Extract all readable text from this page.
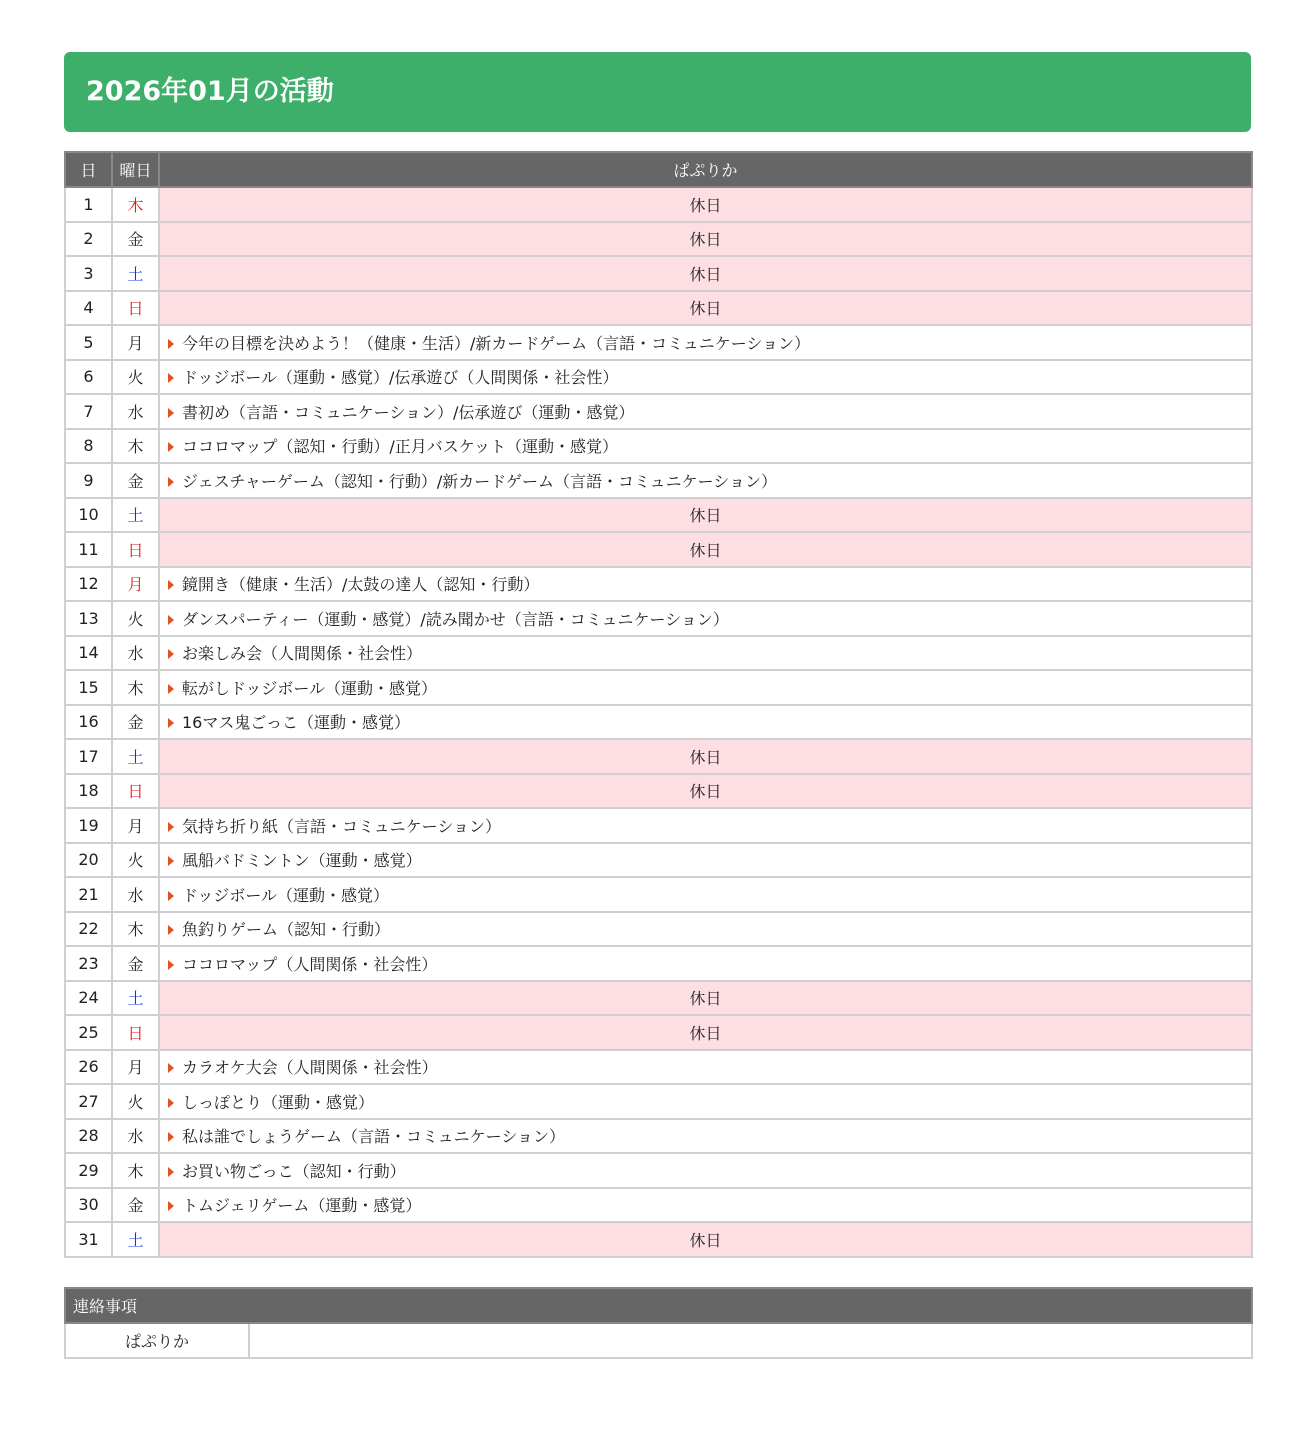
2026年01月の活動
日	曜日	ぱぷりか
1	木	休日
2	金	休日
3	土	休日
4	日	休日
5	月	今年の目標を決めよう！（健康・生活）/新カードゲーム（言語・コミュニケーション）
6	火	ドッジボール（運動・感覚）/伝承遊び（人間関係・社会性）
7	水	書初め（言語・コミュニケーション）/伝承遊び（運動・感覚）
8	木	ココロマップ（認知・行動）/正月バスケット（運動・感覚）
9	金	ジェスチャーゲーム（認知・行動）/新カードゲーム（言語・コミュニケーション）
10	土	休日
11	日	休日
12	月	鏡開き（健康・生活）/太鼓の達人（認知・行動）
13	火	ダンスパーティー（運動・感覚）/読み聞かせ（言語・コミュニケーション）
14	水	お楽しみ会（人間関係・社会性）
15	木	転がしドッジボール（運動・感覚）
16	金	16マス鬼ごっこ（運動・感覚）
17	土	休日
18	日	休日
19	月	気持ち折り紙（言語・コミュニケーション）
20	火	風船バドミントン（運動・感覚）
21	水	ドッジボール（運動・感覚）
22	木	魚釣りゲーム（認知・行動）
23	金	ココロマップ（人間関係・社会性）
24	土	休日
25	日	休日
26	月	カラオケ大会（人間関係・社会性）
27	火	しっぽとり（運動・感覚）
28	水	私は誰でしょうゲーム（言語・コミュニケーション）
29	木	お買い物ごっこ（認知・行動）
30	金	トムジェリゲーム（運動・感覚）
31	土	休日
連絡事項
ぱぷりか	
